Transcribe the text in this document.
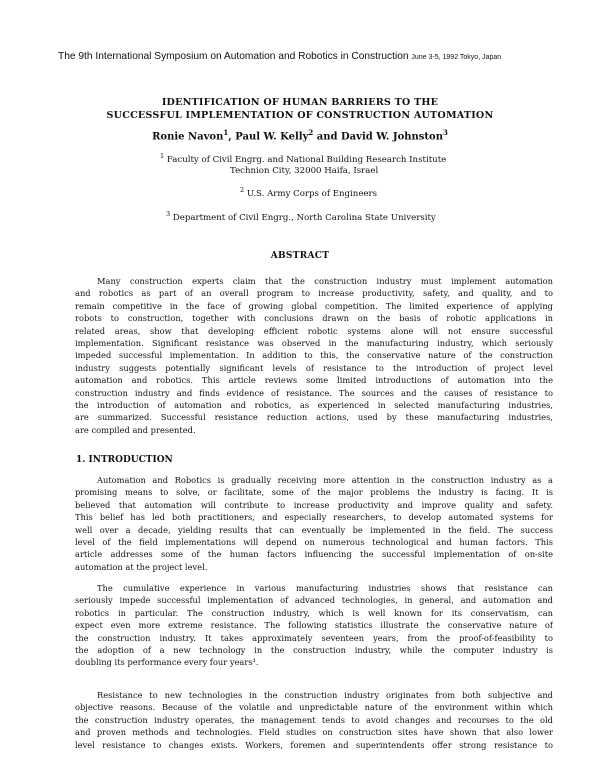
The 9th International Symposium on Automation and Robotics in Construction June 3-5, 1992 Tokyo, Japan
IDENTIFICATION OF HUMAN BARRIERS TO THE
SUCCESSFUL IMPLEMENTATION OF CONSTRUCTION AUTOMATION
Ronie Navon$^1$, Paul W. Kelly$^2$ and David W. Johnston$^3$
$^1$ Faculty of Civil Engrg. and National Building Research Institute
Technion City, 32000 Haifa, Israel
$^2$ U.S. Army Corps of Engineers
$^3$ Department of Civil Engrg., North Carolina State University
ABSTRACT
Many construction experts claim that the construction industry must implement automation
and robotics as part of an overall program to increase productivity, safety, and quality, and to
remain competitive in the face of growing global competition. The limited experience of applying
robots to construction, together with conclusions drawn on the basis of robotic applications in
related areas, show that developing efficient robotic systems alone will not ensure successful
implementation. Significant resistance was observed in the manufacturing industry, which seriously
impeded successful implementation. In addition to this, the conservative nature of the construction
industry suggests potentially significant levels of resistance to the introduction of project level
automation and robotics. This article reviews some limited introductions of automation into the
construction industry and finds evidence of resistance. The sources and the causes of resistance to
the introduction of automation and robotics, as experienced in selected manufacturing industries,
are summarized. Successful resistance reduction actions, used by these manufacturing industries,
are compiled and presented.
1. INTRODUCTION
Automation and Robotics is gradually receiving more attention in the construction industry as a
promising means to solve, or facilitate, some of the major problems the industry is facing. It is
believed that automation will contribute to increase productivity and improve quality and safety.
This belief has led both practitioners, and especially researchers, to develop automated systems for
well over a decade, yielding results that can eventually be implemented in the field. The success
level of the field implementations will depend on numerous technological and human factors. This
article addresses some of the human factors influencing the successful implementation of on-site
automation at the project level.
The cumulative experience in various manufacturing industries shows that resistance can
seriously impede successful implementation of advanced technologies, in general, and automation and
robotics in particular. The construction industry, which is well known for its conservatism, can
expect even more extreme resistance. The following statistics illustrate the conservative nature of
the construction industry. It takes approximately seventeen years, from the proof-of-feasibility to
the adoption of a new technology in the construction industry, while the computer industry is
doubling its performance every four years¹.
Resistance to new technologies in the construction industry originates from both subjective and
objective reasons. Because of the volatile and unpredictable nature of the environment within which
the construction industry operates, the management tends to avoid changes and recourses to the old
and proven methods and technologies. Field studies on construction sites have shown that also lower
level resistance to changes exists. Workers, foremen and superintendents offer strong resistance to
